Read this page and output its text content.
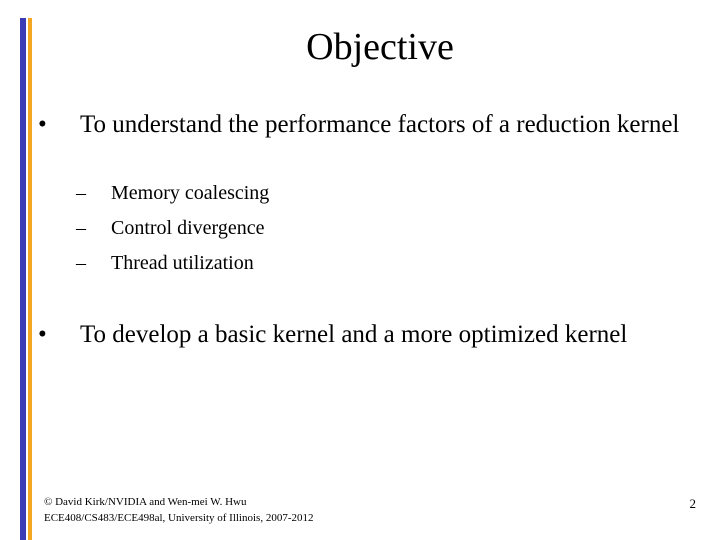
Objective
• To understand the performance factors of a reduction kernel
– Memory coalescing
– Control divergence
– Thread utilization
• To develop a basic kernel and a more optimized kernel
© David Kirk/NVIDIA and Wen-mei W. Hwu
ECE408/CS483/ECE498al, University of Illinois, 2007-2012
2
